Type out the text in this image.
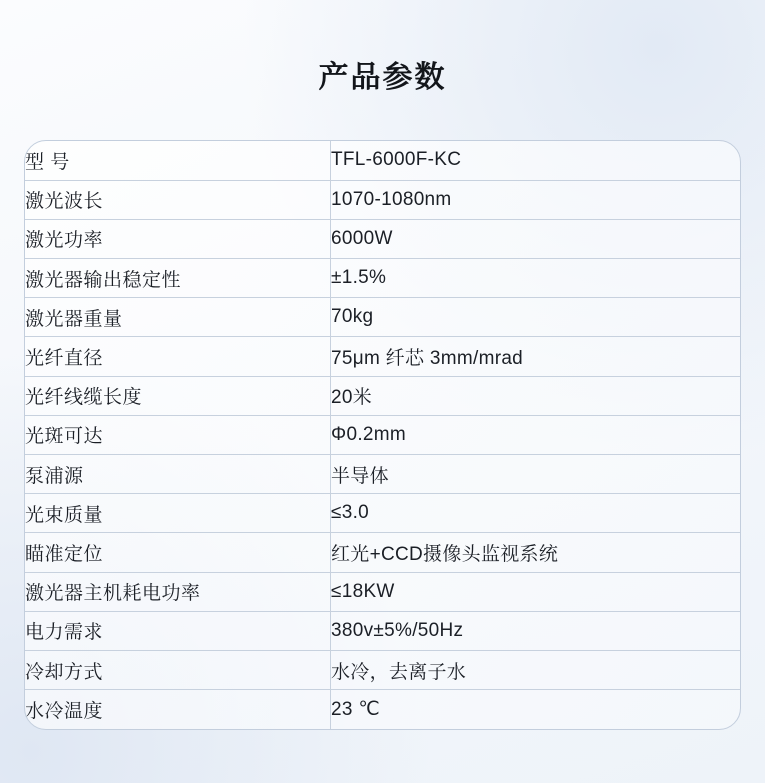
产品参数
型 号	TFL-6000F-KC
激光波长	1070-1080nm
激光功率	6000W
激光器输出稳定性	±1.5%
激光器重量	70kg
光纤直径	75μm 纤芯 3mm/mrad
光纤线缆长度	20米
光斑可达	Φ0.2mm
泵浦源	半导体
光束质量	≤3.0
瞄准定位	红光+CCD摄像头监视系统
激光器主机耗电功率	≤18KW
电力需求	380v±5%/50Hz
冷却方式	水冷，去离子水
水冷温度	23 ℃
